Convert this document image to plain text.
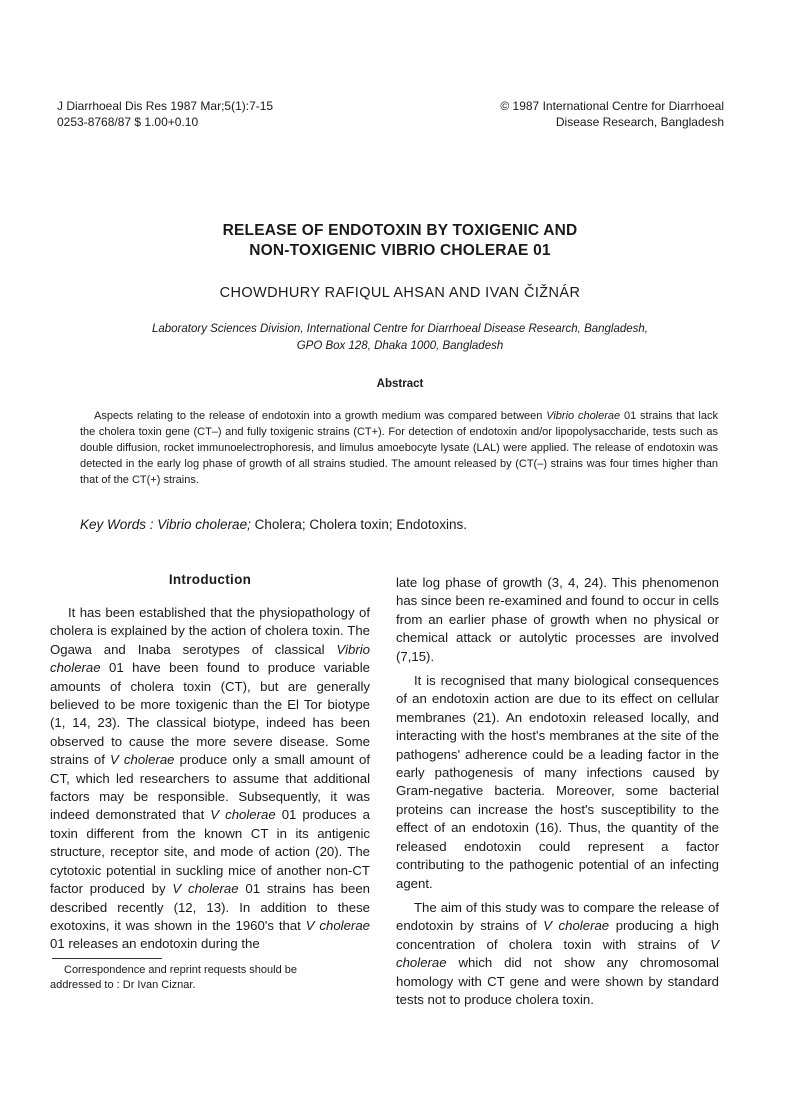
J Diarrhoeal Dis Res 1987 Mar;5(1):7-15
0253-8768/87 $ 1.00+0.10
© 1987 International Centre for Diarrhoeal
Disease Research, Bangladesh
RELEASE OF ENDOTOXIN BY TOXIGENIC AND
NON-TOXIGENIC VIBRIO CHOLERAE 01
CHOWDHURY RAFIQUL AHSAN AND IVAN ČIŽNÁR
Laboratory Sciences Division, International Centre for Diarrhoeal Disease Research, Bangladesh,
GPO Box 128, Dhaka 1000, Bangladesh
Abstract
Aspects relating to the release of endotoxin into a growth medium was compared between Vibrio cholerae 01 strains that lack the cholera toxin gene (CT–) and fully toxigenic strains (CT+). For detection of endotoxin and/or lipopolysaccharide, tests such as double diffusion, rocket immunoelectrophoresis, and limulus amoebocyte lysate (LAL) were applied. The release of endotoxin was detected in the early log phase of growth of all strains studied. The amount released by (CT(–) strains was four times higher than that of the CT(+) strains.
Key Words : Vibrio cholerae; Cholera; Cholera toxin; Endotoxins.
Introduction

It has been established that the physiopathology of cholera is explained by the action of cholera toxin. The Ogawa and Inaba serotypes of classical Vibrio cholerae 01 have been found to produce variable amounts of cholera toxin (CT), but are generally believed to be more toxigenic than the El Tor biotype (1, 14, 23). The classical biotype, indeed has been observed to cause the more severe disease. Some strains of V cholerae produce only a small amount of CT, which led researchers to assume that additional factors may be responsible. Subsequently, it was indeed demonstrated that V cholerae 01 produces a toxin different from the known CT in its antigenic structure, receptor site, and mode of action (20). The cytotoxic potential in suckling mice of another non-CT factor produced by V cholerae 01 strains has been described recently (12, 13). In addition to these exotoxins, it was shown in the 1960's that V cholerae 01 releases an endotoxin during the

late log phase of growth (3, 4, 24). This phenomenon has since been re-examined and found to occur in cells from an earlier phase of growth when no physical or chemical attack or autolytic processes are involved (7,15).

It is recognised that many biological consequences of an endotoxin action are due to its effect on cellular membranes (21). An endotoxin released locally, and interacting with the host's membranes at the site of the pathogens' adherence could be a leading factor in the early pathogenesis of many infections caused by Gram-negative bacteria. Moreover, some bacterial proteins can increase the host's susceptibility to the effect of an endotoxin (16). Thus, the quantity of the released endotoxin could represent a factor contributing to the pathogenic potential of an infecting agent.

The aim of this study was to compare the release of endotoxin by strains of V cholerae producing a high concentration of cholera toxin with strains of V cholerae which did not show any chromosomal homology with CT gene and were shown by standard tests not to produce cholera toxin.

Correspondence and reprint requests should be
addressed to : Dr Ivan Ciznar.
